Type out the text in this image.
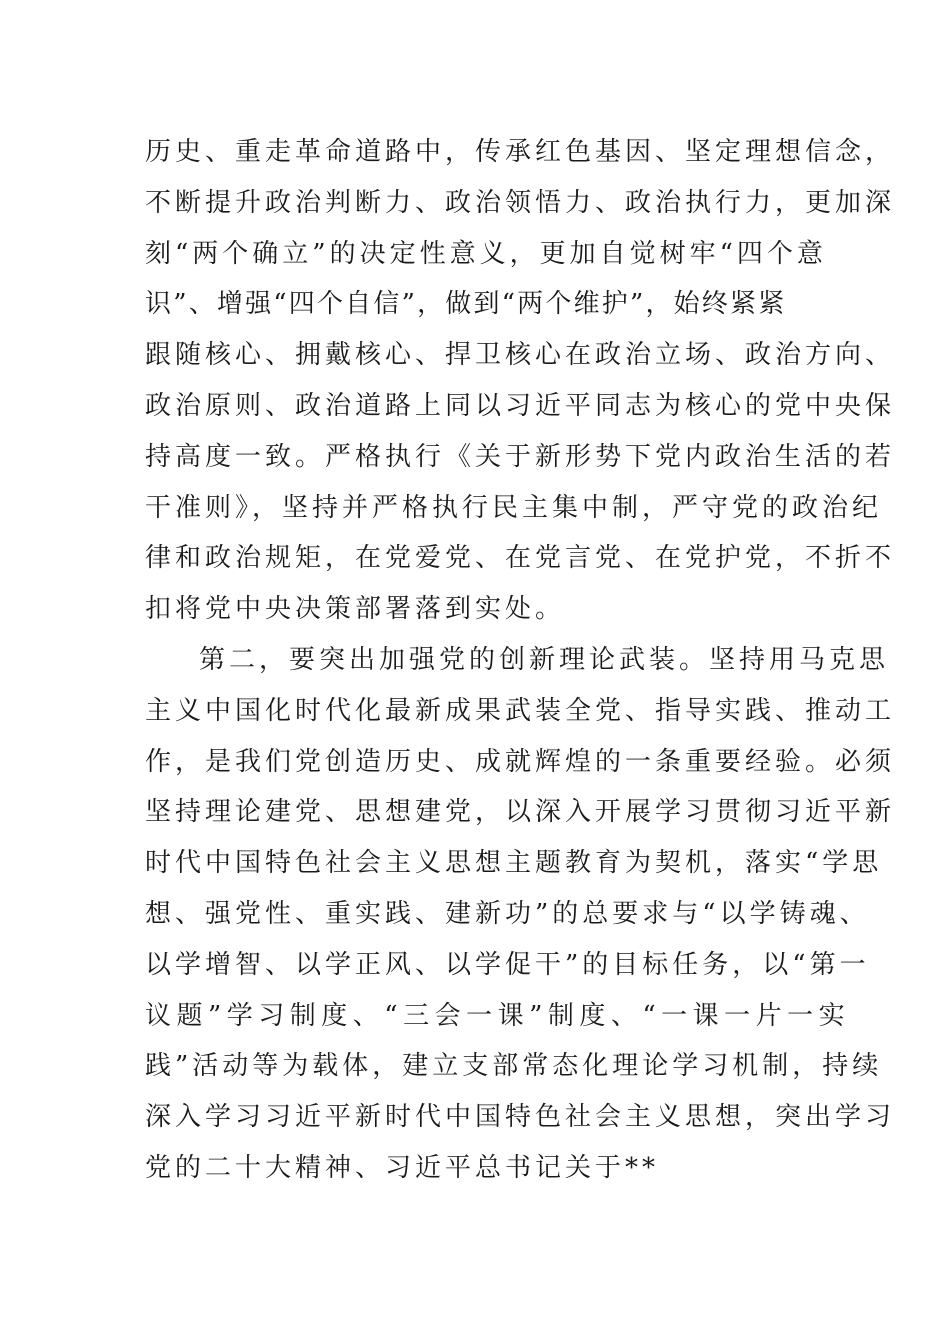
历史、重走革命道路中，传承红色基因、坚定理想信念，
不断提升政治判断力、政治领悟力、政治执行力，更加深
刻“两个确立”的决定性意义，更加自觉树牢“四个意
识”、增强“四个自信”，做到“两个维护”，始终紧紧
跟随核心、拥戴核心、捍卫核心在政治立场、政治方向、
政治原则、政治道路上同以习近平同志为核心的党中央保
持高度一致。严格执行《关于新形势下党内政治生活的若
干准则》，坚持并严格执行民主集中制，严守党的政治纪
律和政治规矩，在党爱党、在党言党、在党护党，不折不
扣将党中央决策部署落到实处。
第二，要突出加强党的创新理论武装。坚持用马克思
主义中国化时代化最新成果武装全党、指导实践、推动工
作，是我们党创造历史、成就辉煌的一条重要经验。必须
坚持理论建党、思想建党，以深入开展学习贯彻习近平新
时代中国特色社会主义思想主题教育为契机，落实“学思
想、强党性、重实践、建新功”的总要求与“以学铸魂、
以学增智、以学正风、以学促干”的目标任务，以“第一
议题”学习制度、“三会一课”制度、“一课一片一实
践”活动等为载体，建立支部常态化理论学习机制，持续
深入学习习近平新时代中国特色社会主义思想，突出学习
党的二十大精神、习近平总书记关于**
